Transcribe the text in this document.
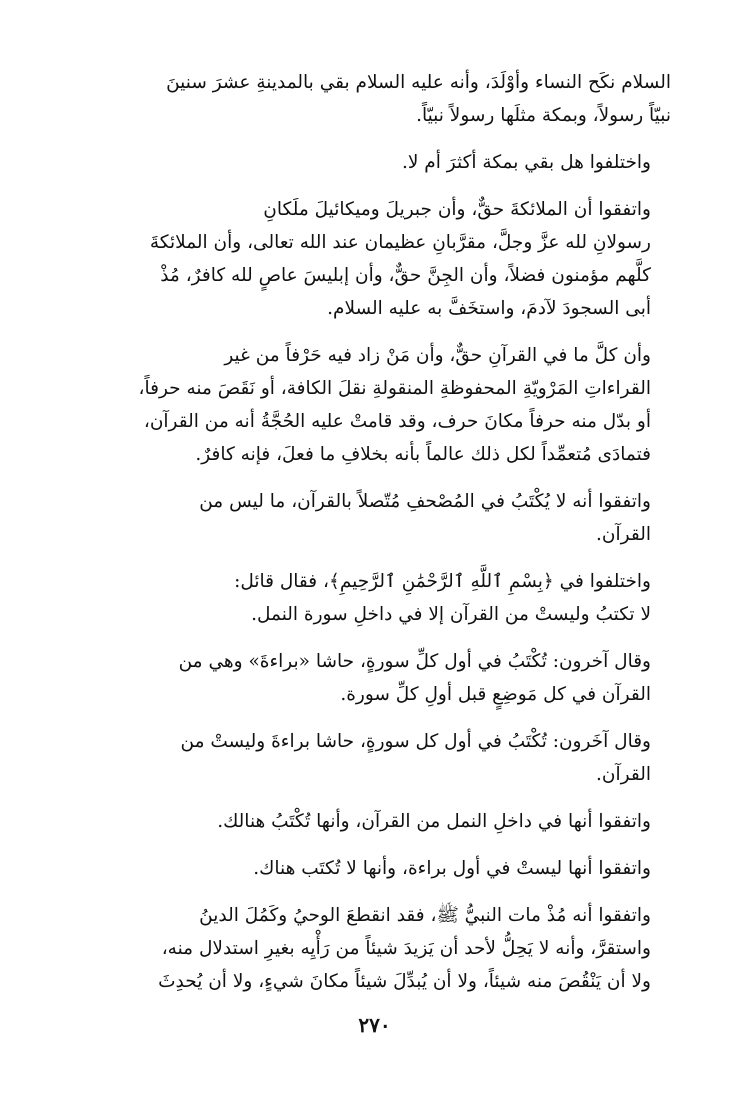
السلام نكَح النساء وأوْلَدَ، وأنه عليه السلام بقي بالمدينةِ عشرَ سنينَ
نبيّاً رسولاً، وبمكة مثلَها رسولاً نبيّاً.

واختلفوا هل بقي بمكة أكثرَ أم لا.

واتفقوا أن الملائكةَ حقٌّ، وأن جبريلَ وميكائيلَ ملَكانِ
رسولانِ لله عزَّ وجلَّ، مقرَّبانِ عظيمان عند الله تعالى، وأن الملائكةَ
كلَّهم مؤمنون فضلاً، وأن الجِنَّ حقٌّ، وأن إبليسَ عاصٍ لله كافرٌ، مُذْ
أبى السجودَ لآدمَ، واستخَفَّ به عليه السلام.

وأن كلَّ ما في القرآنِ حقٌّ، وأن مَنْ زاد فيه حَرْفاً من غير
القراءاتِ المَرْويّةِ المحفوظةِ المنقولةِ نقلَ الكافة، أو نَقَصَ منه حرفاً،
أو بدّل منه حرفاً مكانَ حرف، وقد قامتْ عليه الحُجَّةُ أنه من القرآن،
فتمادَى مُتعمِّداً لكل ذلك عالماً بأنه بخلافِ ما فعلَ، فإنه كافرٌ.

واتفقوا أنه لا يُكْتَبُ في المُصْحفِ مُتّصلاً بالقرآن، ما ليس من
القرآن.

واختلفوا في ﴿بِسْمِ ٱللَّهِ ٱلرَّحْمَٰنِ ٱلرَّحِيمِ﴾، فقال قائل:
لا تكتبُ وليستْ من القرآن إلا في داخلِ سورة النمل.

وقال آخرون: تُكْتَبُ في أول كلِّ سورةٍ، حاشا «براءةَ» وهي من
القرآن في كل مَوضِعٍ قبل أولِ كلِّ سورة.

وقال آخَرون: تُكْتَبُ في أول كل سورةٍ، حاشا براءةَ وليستْ من
القرآن.

واتفقوا أنها في داخلِ النمل من القرآن، وأنها تُكْتَبُ هنالك.

واتفقوا أنها ليستْ في أول براءة، وأنها لا تُكتَب هناك.

واتفقوا أنه مُذْ مات النبيُّ ﷺ، فقد انقطعَ الوحيُ وكَمُلَ الدينُ
واستقرَّ، وأنه لا يَحِلُّ لأحد أن يَزيدَ شيئاً من رَأْيِه بغيرِ استدلال منه،
ولا أن يَنْقُصَ منه شيئاً، ولا أن يُبدِّلَ شيئاً مكانَ شيءٍ، ولا أن يُحدِثَ

٢٧٠
